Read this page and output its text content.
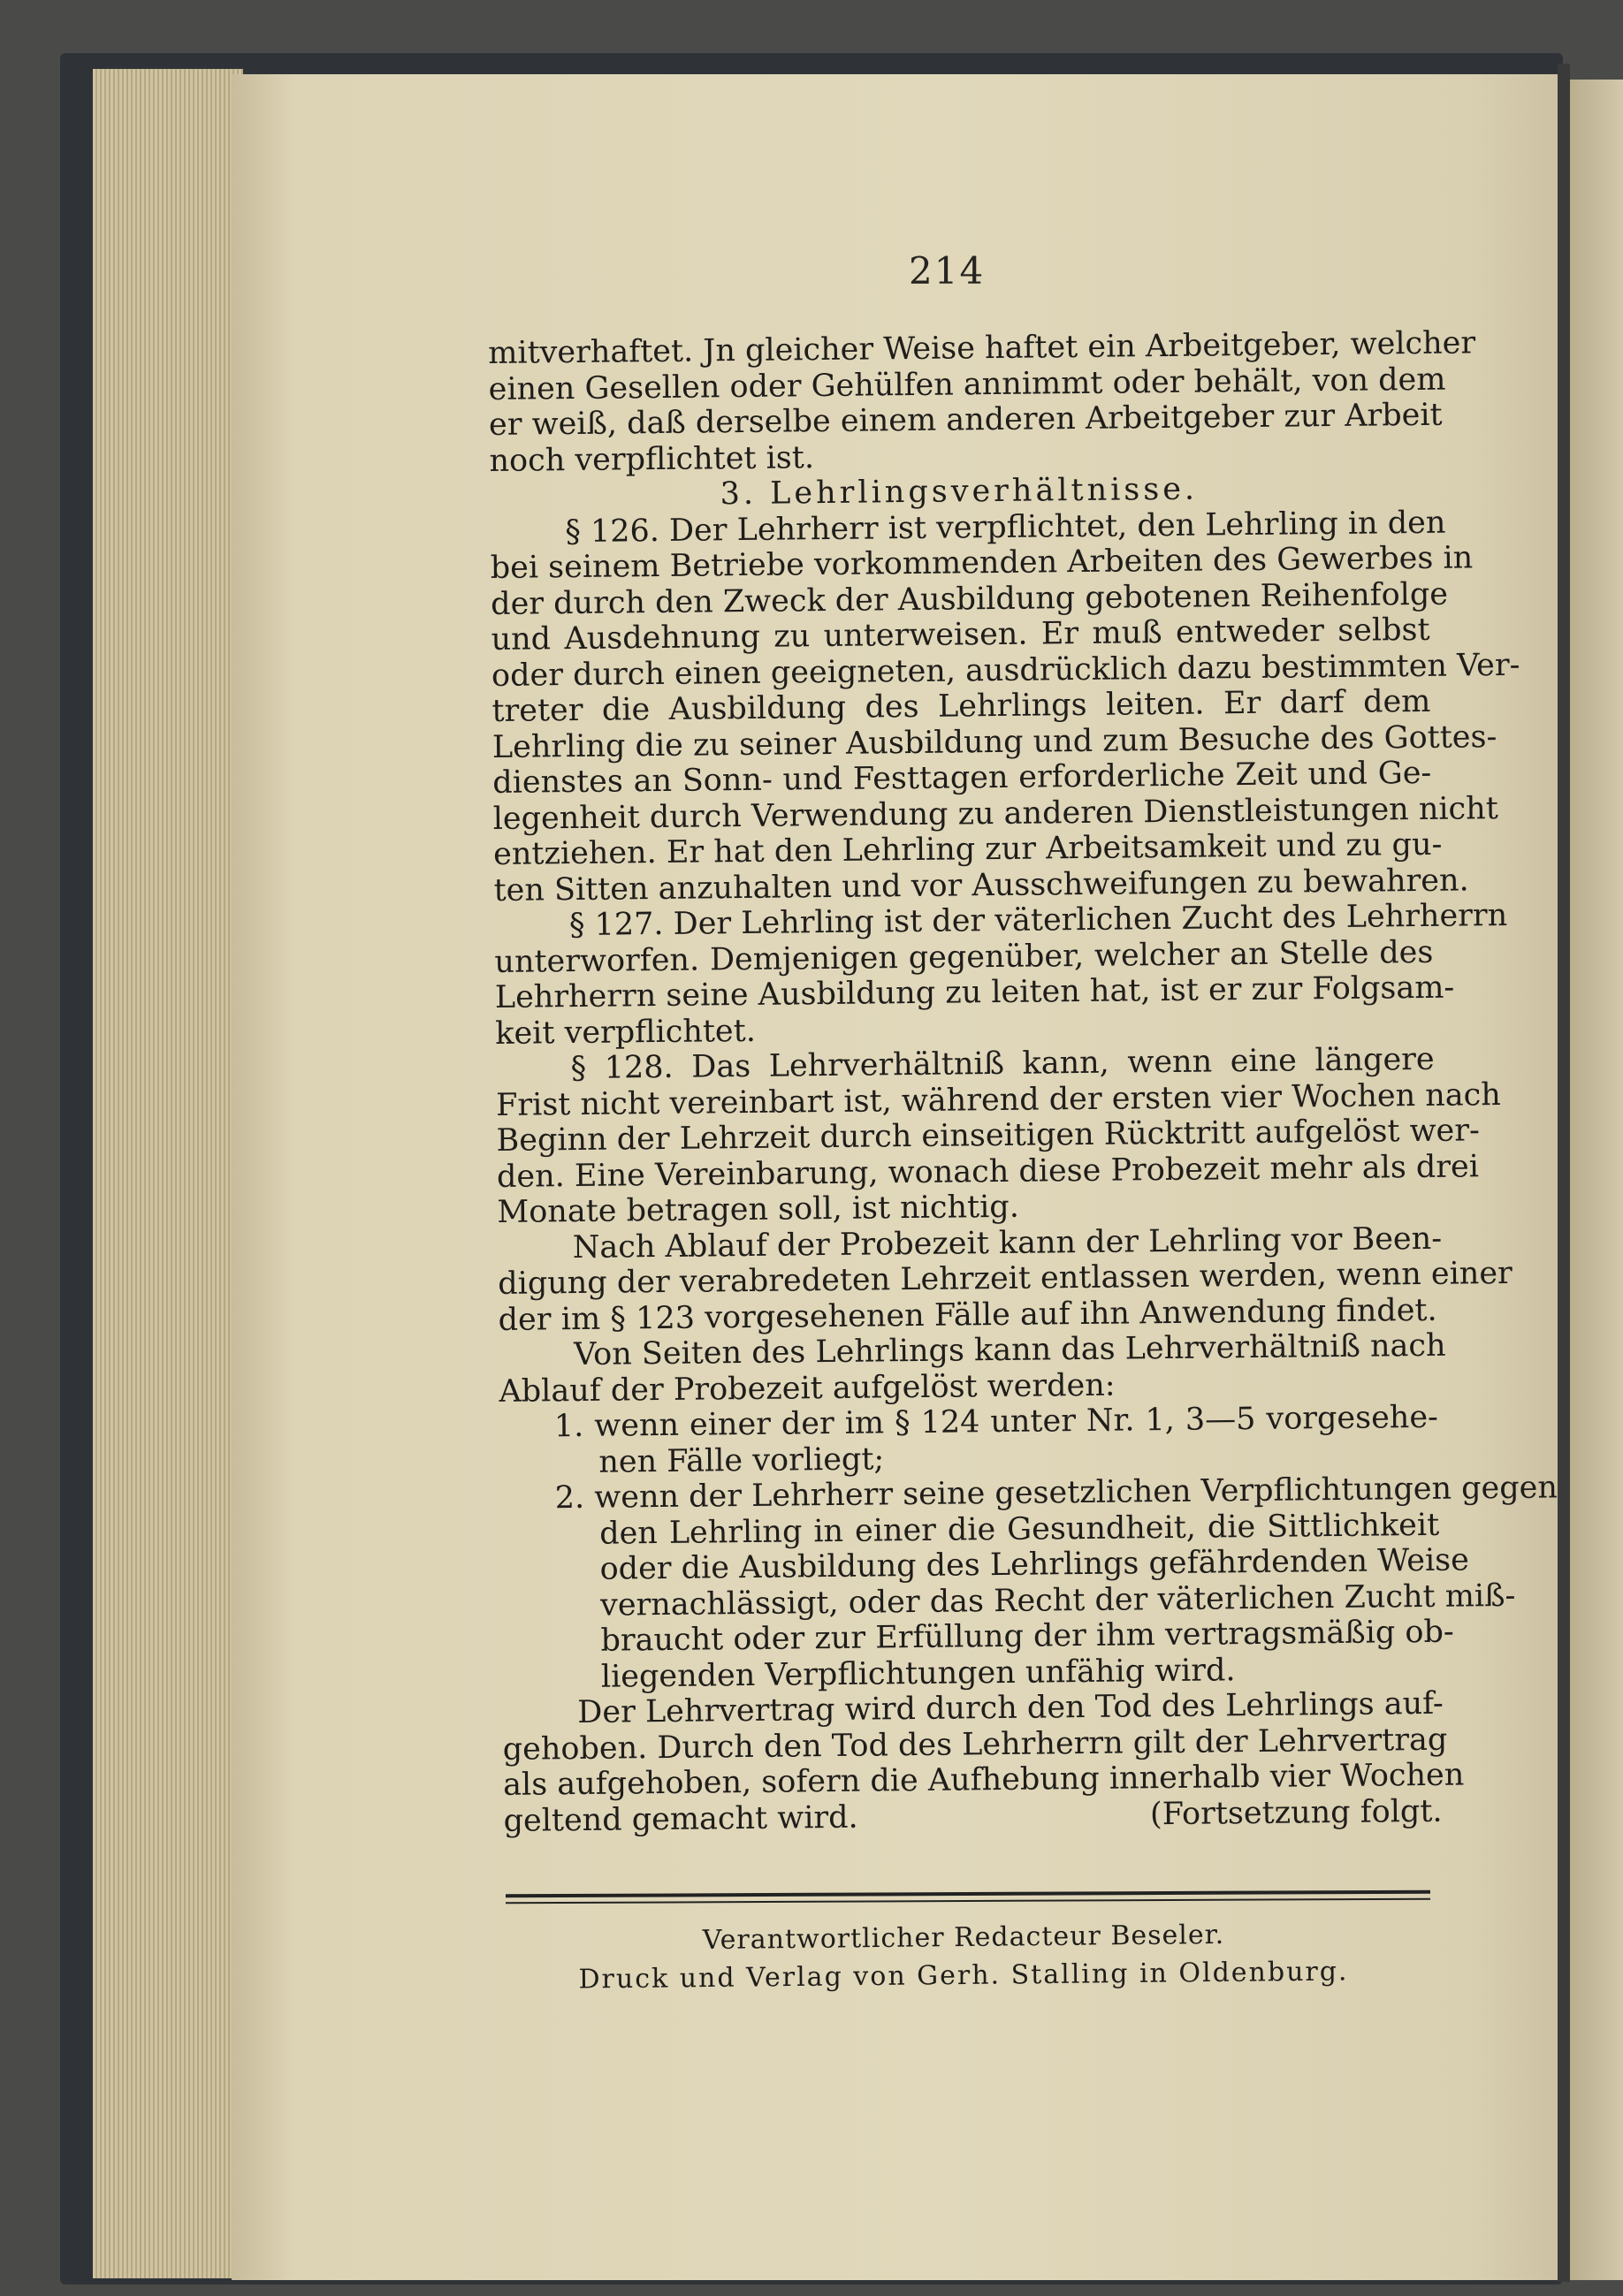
214
mitverhaftet. Jn gleicher Weise haftet ein Arbeitgeber, welcher
einen Gesellen oder Gehülfen annimmt oder behält, von dem
er weiß, daß derselbe einem anderen Arbeitgeber zur Arbeit
noch verpflichtet ist.
3. Lehrlingsverhältnisse.
§ 126. Der Lehrherr ist verpflichtet, den Lehrling in den
bei seinem Betriebe vorkommenden Arbeiten des Gewerbes in
der durch den Zweck der Ausbildung gebotenen Reihenfolge
und Ausdehnung zu unterweisen. Er muß entweder selbst
oder durch einen geeigneten, ausdrücklich dazu bestimmten Ver-
treter die Ausbildung des Lehrlings leiten. Er darf dem
Lehrling die zu seiner Ausbildung und zum Besuche des Gottes-
dienstes an Sonn- und Festtagen erforderliche Zeit und Ge-
legenheit durch Verwendung zu anderen Dienstleistungen nicht
entziehen. Er hat den Lehrling zur Arbeitsamkeit und zu gu-
ten Sitten anzuhalten und vor Ausschweifungen zu bewahren.
§ 127. Der Lehrling ist der väterlichen Zucht des Lehrherrn
unterworfen. Demjenigen gegenüber, welcher an Stelle des
Lehrherrn seine Ausbildung zu leiten hat, ist er zur Folgsam-
keit verpflichtet.
§ 128. Das Lehrverhältniß kann, wenn eine längere
Frist nicht vereinbart ist, während der ersten vier Wochen nach
Beginn der Lehrzeit durch einseitigen Rücktritt aufgelöst wer-
den. Eine Vereinbarung, wonach diese Probezeit mehr als drei
Monate betragen soll, ist nichtig.
Nach Ablauf der Probezeit kann der Lehrling vor Been-
digung der verabredeten Lehrzeit entlassen werden, wenn einer
der im § 123 vorgesehenen Fälle auf ihn Anwendung findet.
Von Seiten des Lehrlings kann das Lehrverhältniß nach
Ablauf der Probezeit aufgelöst werden:
1. wenn einer der im § 124 unter Nr. 1, 3—5 vorgesehe-
nen Fälle vorliegt;
2. wenn der Lehrherr seine gesetzlichen Verpflichtungen gegen
den Lehrling in einer die Gesundheit, die Sittlichkeit
oder die Ausbildung des Lehrlings gefährdenden Weise
vernachlässigt, oder das Recht der väterlichen Zucht miß-
braucht oder zur Erfüllung der ihm vertragsmäßig ob-
liegenden Verpflichtungen unfähig wird.
Der Lehrvertrag wird durch den Tod des Lehrlings auf-
gehoben. Durch den Tod des Lehrherrn gilt der Lehrvertrag
als aufgehoben, sofern die Aufhebung innerhalb vier Wochen
geltend gemacht wird.	(Fortsetzung folgt.
Verantwortlicher Redacteur Beseler.
Druck und Verlag von Gerh. Stalling in Oldenburg.
